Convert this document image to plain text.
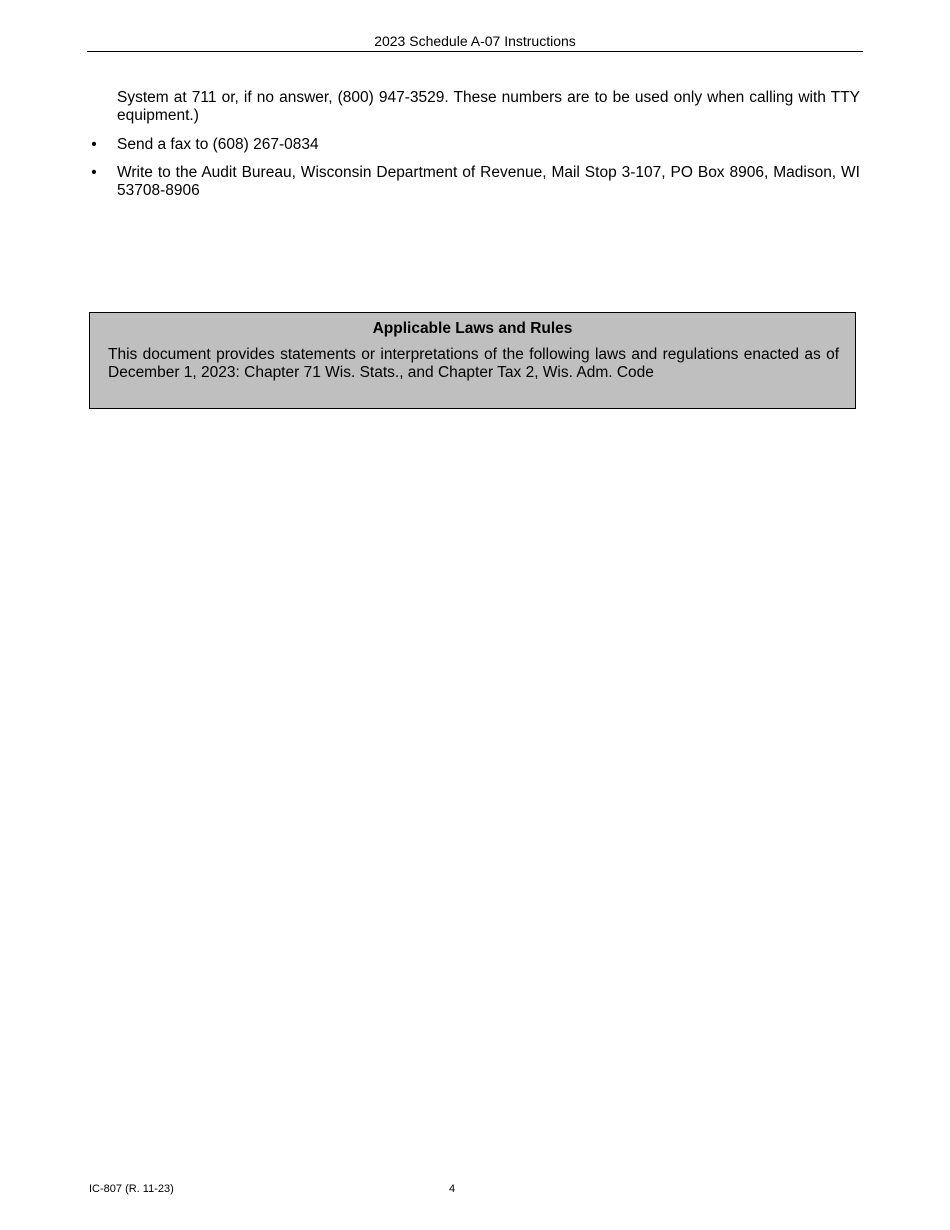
2023 Schedule A-07 Instructions
System at 711 or, if no answer, (800) 947-3529. These numbers are to be used only when calling with TTY equipment.)
• Send a fax to (608) 267-0834
• Write to the Audit Bureau, Wisconsin Department of Revenue, Mail Stop 3-107, PO Box 8906, Madison, WI 53708-8906
Applicable Laws and Rules
This document provides statements or interpretations of the following laws and regulations enacted as of December 1, 2023: Chapter 71 Wis. Stats., and Chapter Tax 2, Wis. Adm. Code
IC-807 (R. 11-23)	4
